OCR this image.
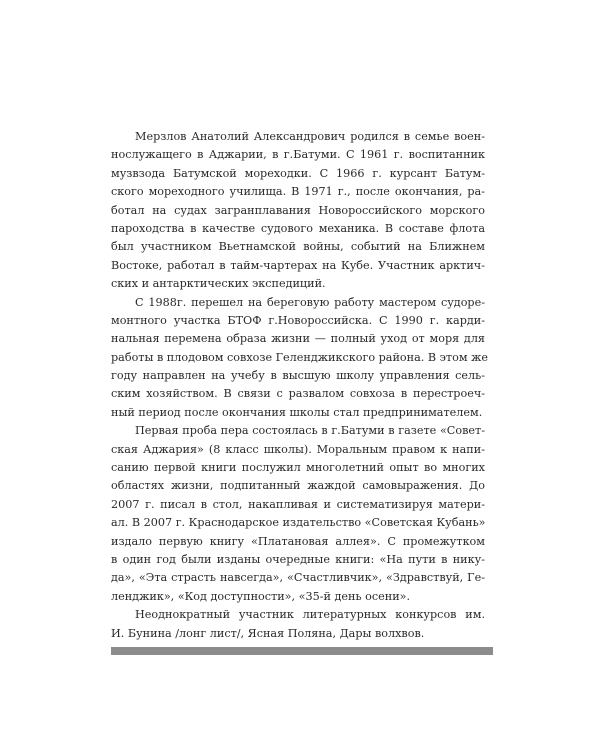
Мерзлов Анатолий Александрович родился в семье воен-
нослужащего в Аджарии, в г.Батуми. С 1961 г. воспитанник
музвзода Батумской мореходки. С 1966 г. курсант Батум-
ского мореходного училища. В 1971 г., после окончания, ра-
ботал на судах загранплавания Новороссийского морского
пароходства в качестве судового механика. В составе флота
был участником Вьетнамской войны, событий на Ближнем
Востоке, работал в тайм-чартерах на Кубе. Участник арктич-
ских и антарктических экспедиций.
С 1988г. перешел на береговую работу мастером судоре-
монтного участка БТОФ г.Новороссийска. С 1990 г. карди-
нальная перемена образа жизни — полный уход от моря для
работы в плодовом совхозе Геленджикского района. В этом же
году направлен на учебу в высшую школу управления сель-
ским хозяйством. В связи с развалом совхоза в перестроеч-
ный период после окончания школы стал предпринимателем.
Первая проба пера состоялась в г.Батуми в газете «Совет-
ская Аджария» (8 класс школы). Моральным правом к напи-
санию первой книги послужил многолетний опыт во многих
областях жизни, подпитанный жаждой самовыражения. До
2007 г. писал в стол, накапливая и систематизируя матери-
ал. В 2007 г. Краснодарское издательство «Советская Кубань»
издало первую книгу «Платановая аллея». С промежутком
в один год были изданы очередные книги: «На пути в нику-
да», «Эта страсть навсегда», «Счастливчик», «Здравствуй, Ге-
ленджик», «Код доступности», «35-й день осени».
Неоднократный участник литературных конкурсов им.
И. Бунина /лонг лист/, Ясная Поляна, Дары волхвов.
